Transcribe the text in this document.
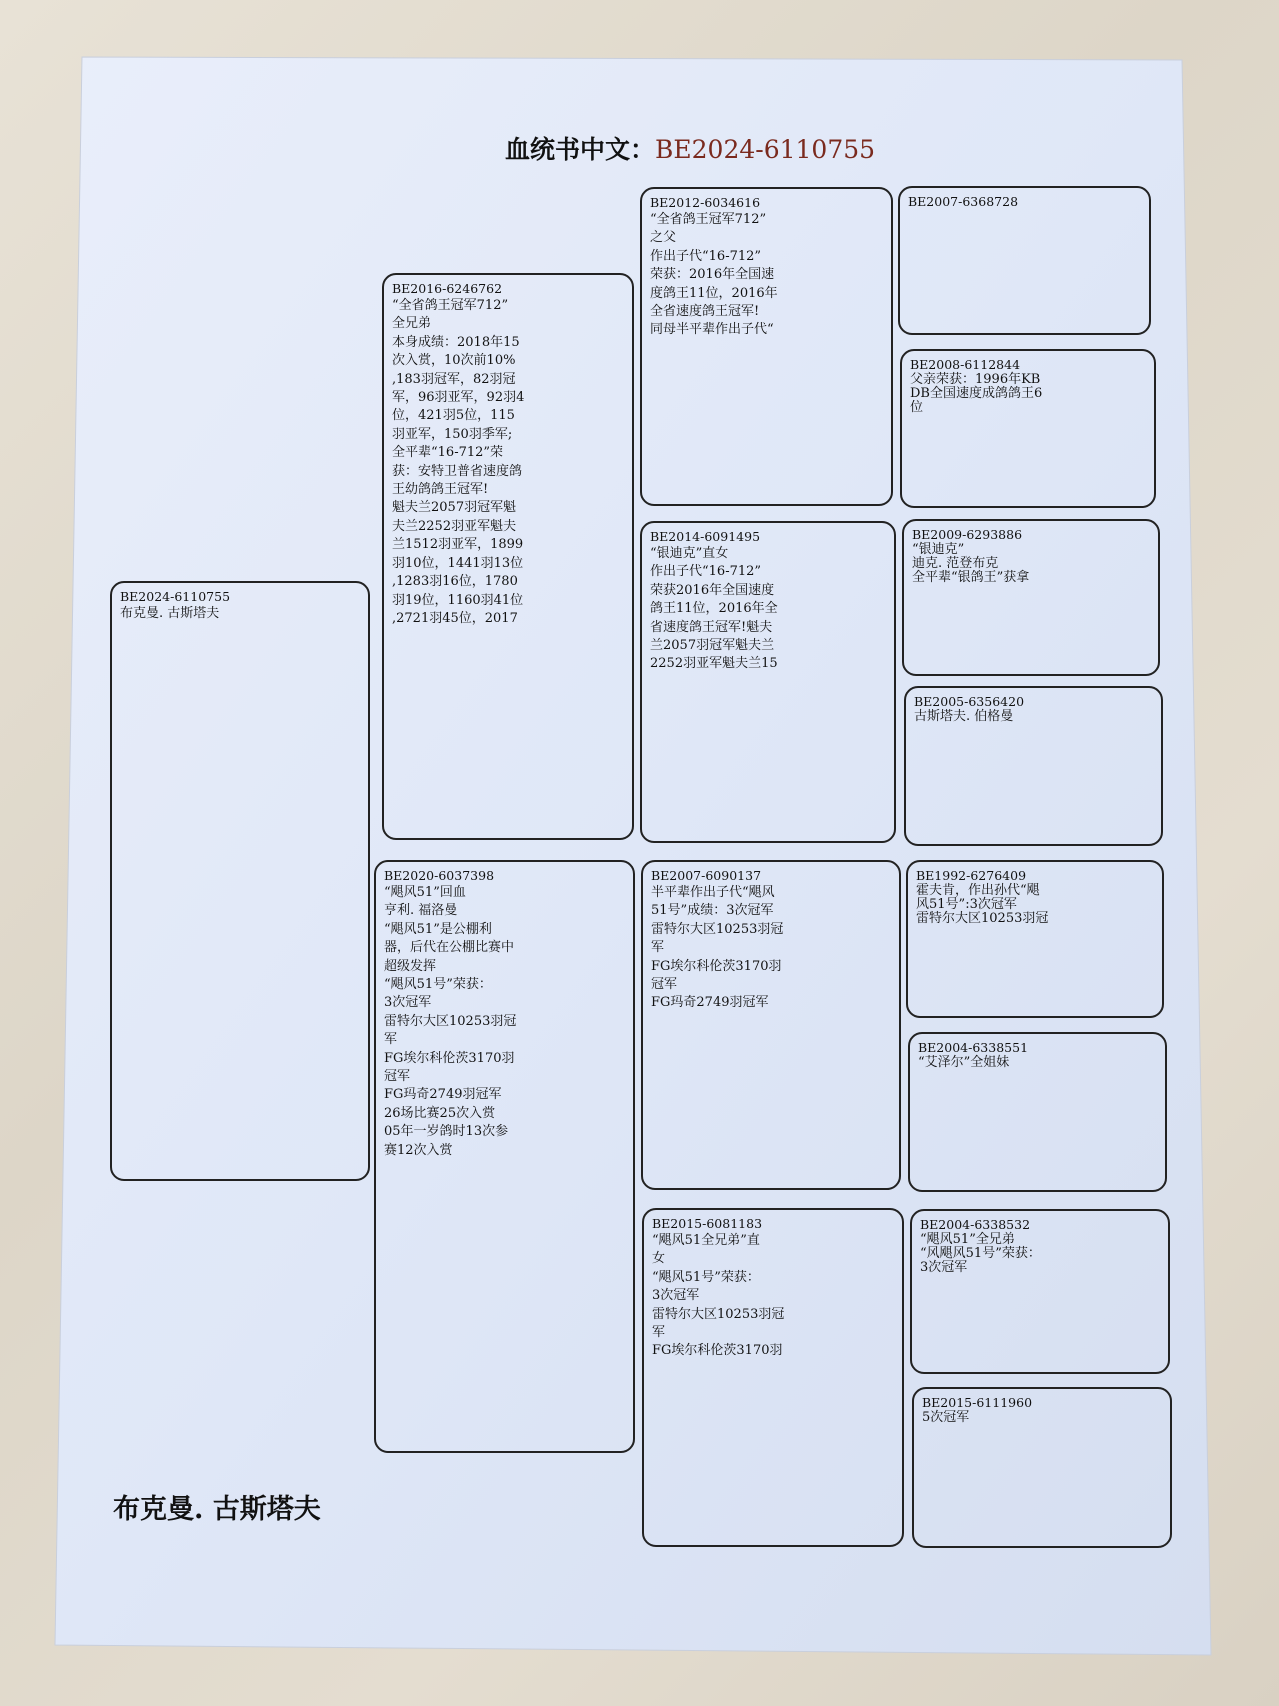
血统书中文：BE2024-6110755
BE2024-6110755
布克曼. 古斯塔夫
BE2016-6246762
“全省鸽王冠军712”
全兄弟
本身成绩：2018年15
次入赏，10次前10%
,183羽冠军，82羽冠
军，96羽亚军，92羽4
位，421羽5位，115
羽亚军，150羽季军;
全平辈“16-712”荣
获：安特卫普省速度鸽
王幼鸽鸽王冠军!
魁夫兰2057羽冠军魁
夫兰2252羽亚军魁夫
兰1512羽亚军，1899
羽10位，1441羽13位
,1283羽16位，1780
羽19位，1160羽41位
,2721羽45位，2017
BE2020-6037398
“飓风51”回血
亨利. 福洛曼
“飓风51”是公棚利
器，后代在公棚比赛中
超级发挥
“飓风51号”荣获：
3次冠军
雷特尔大区10253羽冠
军
FG埃尔科伦茨3170羽
冠军
FG玛奇2749羽冠军
26场比赛25次入赏
05年一岁鸽时13次参
赛12次入赏
BE2012-6034616
“全省鸽王冠军712”
之父
作出子代“16-712”
荣获：2016年全国速
度鸽王11位，2016年
全省速度鸽王冠军!
同母半平辈作出子代“
BE2014-6091495
“银迪克”直女
作出子代“16-712”
荣获2016年全国速度
鸽王11位，2016年全
省速度鸽王冠军!魁夫
兰2057羽冠军魁夫兰
2252羽亚军魁夫兰15
BE2007-6090137
半平辈作出子代“飓风
51号”成绩：3次冠军
雷特尔大区10253羽冠
军
FG埃尔科伦茨3170羽
冠军
FG玛奇2749羽冠军
BE2015-6081183
“飓风51全兄弟”直
女
“飓风51号”荣获：
3次冠军
雷特尔大区10253羽冠
军
FG埃尔科伦茨3170羽
BE2007-6368728
BE2008-6112844
父亲荣获：1996年KB
DB全国速度成鸽鸽王6
位
BE2009-6293886
“银迪克”
迪克. 范登布克
全平辈“银鸽王”获拿
BE2005-6356420
古斯塔夫. 伯格曼
BE1992-6276409
霍夫肯，作出孙代“飓
风51号”:3次冠军
雷特尔大区10253羽冠
BE2004-6338551
“艾泽尔”全姐妹
BE2004-6338532
“飓风51”全兄弟
“风飓风51号”荣获：
3次冠军
BE2015-6111960
5次冠军
布克曼. 古斯塔夫
